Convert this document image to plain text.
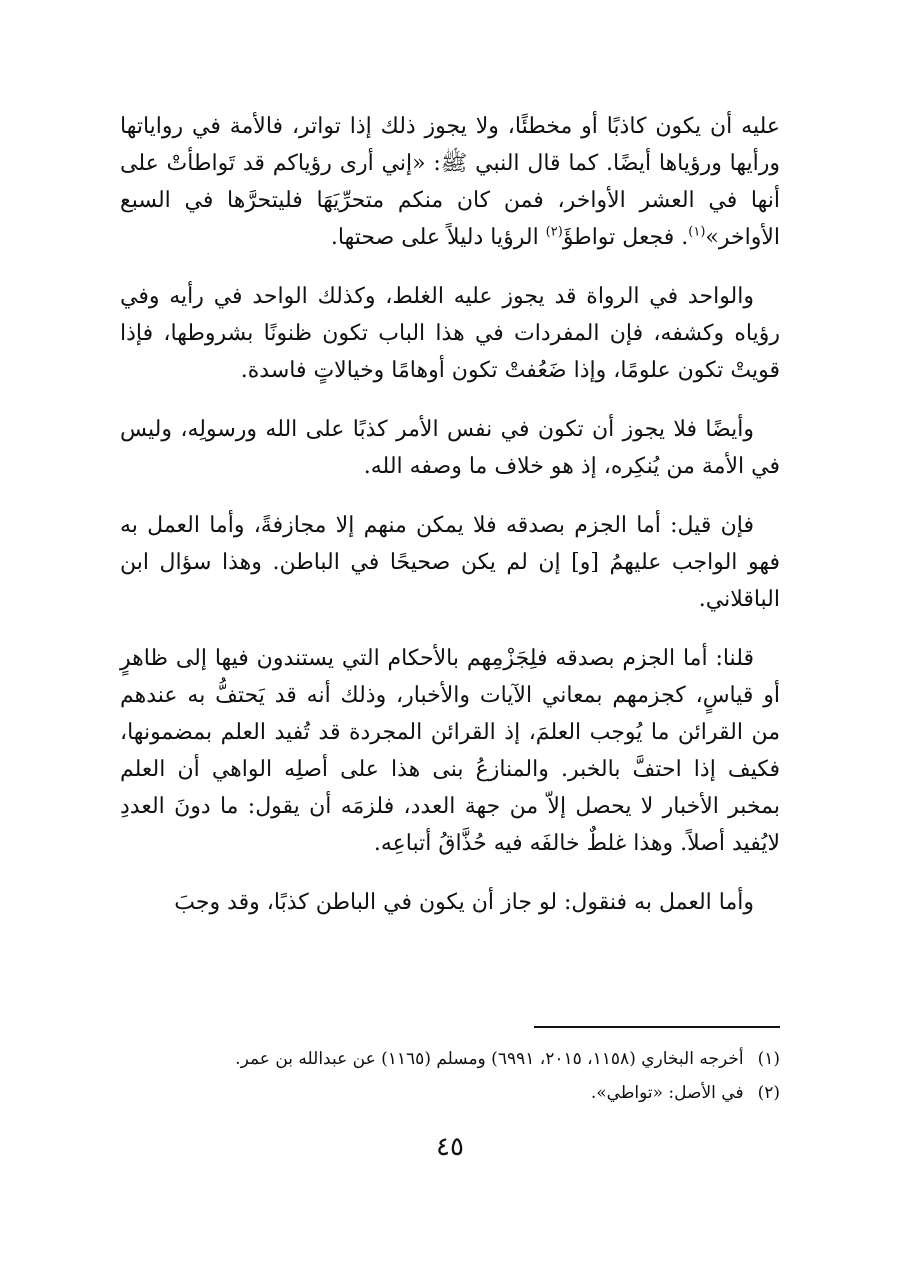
عليه أن يكون كاذبًا أو مخطئًا، ولا يجوز ذلك إذا تواتر، فالأمة في رواياتها ورأيها ورؤياها أيضًا. كما قال النبي ﷺ: «إني أرى رؤياكم قد تَواطأتْ على أنها في العشر الأواخر، فمن كان منكم متحرِّيَهَا فليتحرَّها في السبع الأواخر»$^{(١)}$. فجعل تواطؤَ$^{(٢)}$ الرؤيا دليلاً على صحتها.

والواحد في الرواة قد يجوز عليه الغلط، وكذلك الواحد في رأيه وفي رؤياه وكشفه، فإن المفردات في هذا الباب تكون ظنونًا بشروطها، فإذا قويتْ تكون علومًا، وإذا ضَعُفتْ تكون أوهامًا وخيالاتٍ فاسدة.

وأيضًا فلا يجوز أن تكون في نفس الأمر كذبًا على الله ورسولِه، وليس في الأمة من يُنكِره، إذ هو خلاف ما وصفه الله.

فإن قيل: أما الجزم بصدقه فلا يمكن منهم إلا مجازفةً، وأما العمل به فهو الواجب عليهمُ [و] إن لم يكن صحيحًا في الباطن. وهذا سؤال ابن الباقلاني.

قلنا: أما الجزم بصدقه فلِجَزْمِهم بالأحكام التي يستندون فيها إلى ظاهرٍ أو قياسٍ، كجزمهم بمعاني الآيات والأخبار، وذلك أنه قد يَحتفُّ به عندهم من القرائن ما يُوجب العلمَ، إذ القرائن المجردة قد تُفيد العلم بمضمونها، فكيف إذا احتفَّ بالخبر. والمنازعُ بنى هذا على أصلِه الواهي أن العلم بمخبر الأخبار لا يحصل إلاّ من جهة العدد، فلزمَه أن يقول: ما دونَ العددِ لايُفيد أصلاً. وهذا غلطٌ خالفَه فيه حُذَّاقُ أتباعِه.

وأما العمل به فنقول: لو جاز أن يكون في الباطن كذبًا، وقد وجبَ

(١)
أخرجه البخاري (١١٥٨، ٢٠١٥، ٦٩٩١) ومسلم (١١٦٥) عن عبدالله بن عمر.
(٢)
في الأصل: «تواطي».
٤٥
